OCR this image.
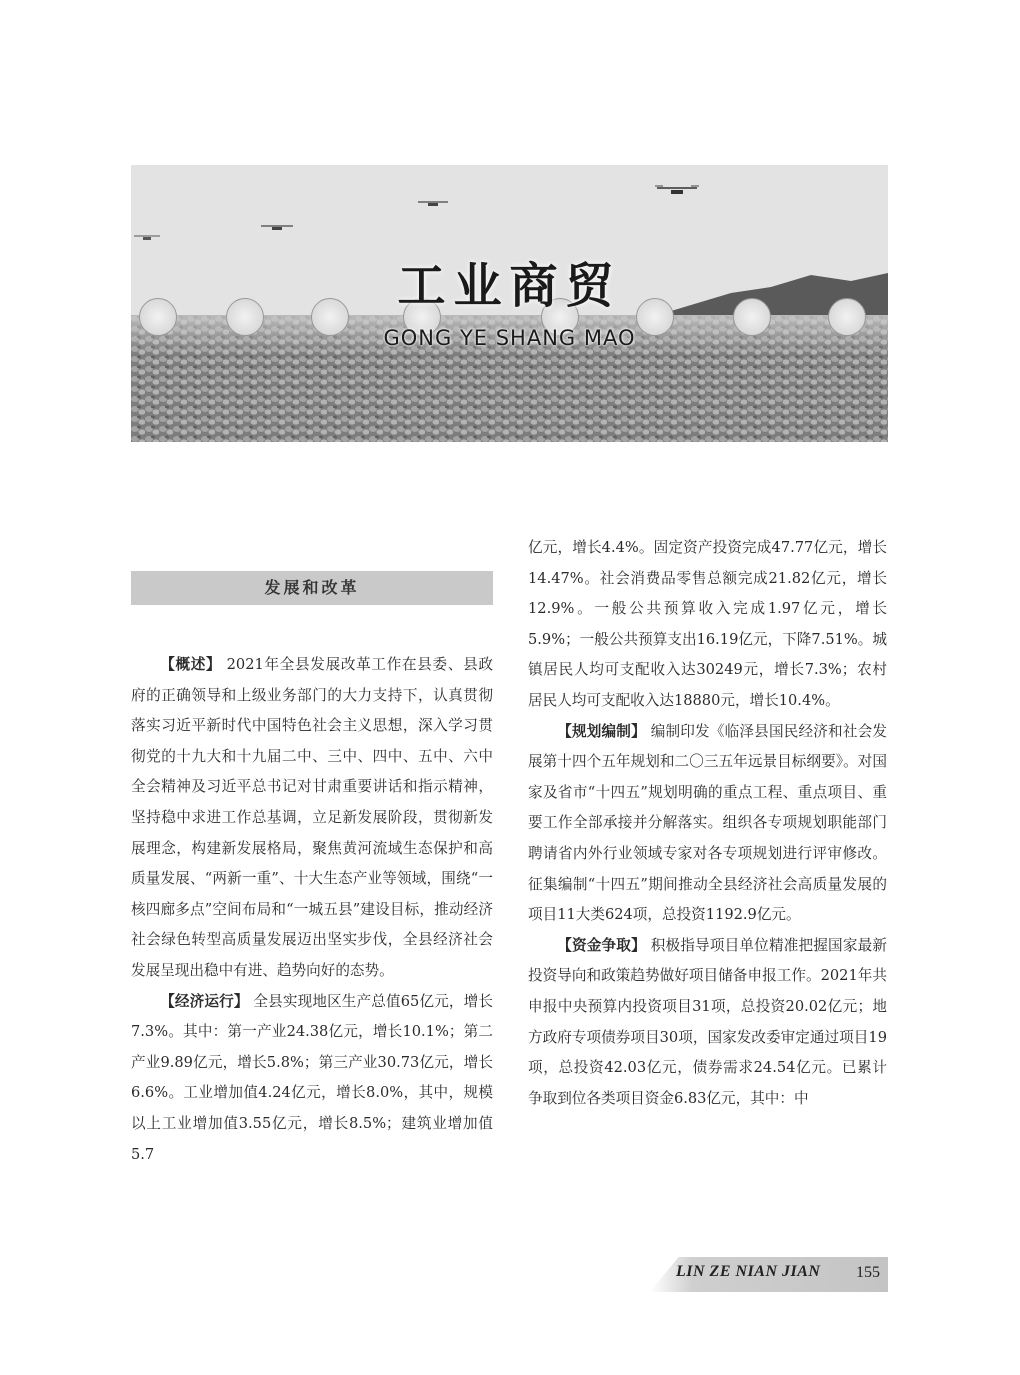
工业商贸
GONG YE SHANG MAO
发展和改革

【概述】 2021年全县发展改革工作在县委、县政府的正确领导和上级业务部门的大力支持下，认真贯彻落实习近平新时代中国特色社会主义思想，深入学习贯彻党的十九大和十九届二中、三中、四中、五中、六中全会精神及习近平总书记对甘肃重要讲话和指示精神，坚持稳中求进工作总基调，立足新发展阶段，贯彻新发展理念，构建新发展格局，聚焦黄河流域生态保护和高质量发展、“两新一重”、十大生态产业等领域，围绕“一核四廊多点”空间布局和“一城五县”建设目标，推动经济社会绿色转型高质量发展迈出坚实步伐，全县经济社会发展呈现出稳中有进、趋势向好的态势。

【经济运行】 全县实现地区生产总值65亿元，增长7.3%。其中：第一产业24.38亿元，增长10.1%；第二产业9.89亿元，增长5.8%；第三产业30.73亿元，增长6.6%。工业增加值4.24亿元，增长8.0%，其中，规模以上工业增加值3.55亿元，增长8.5%；建筑业增加值5.7

亿元，增长4.4%。固定资产投资完成47.77亿元，增长14.47%。社会消费品零售总额完成21.82亿元，增长12.9%。一般公共预算收入完成1.97亿元，增长5.9%；一般公共预算支出16.19亿元，下降7.51%。城镇居民人均可支配收入达30249元，增长7.3%；农村居民人均可支配收入达18880元，增长10.4%。

【规划编制】 编制印发《临泽县国民经济和社会发展第十四个五年规划和二〇三五年远景目标纲要》。对国家及省市“十四五”规划明确的重点工程、重点项目、重要工作全部承接并分解落实。组织各专项规划职能部门聘请省内外行业领域专家对各专项规划进行评审修改。征集编制“十四五”期间推动全县经济社会高质量发展的项目11大类624项，总投资1192.9亿元。

【资金争取】 积极指导项目单位精准把握国家最新投资导向和政策趋势做好项目储备申报工作。2021年共申报中央预算内投资项目31项，总投资20.02亿元；地方政府专项债券项目30项，国家发改委审定通过项目19项，总投资42.03亿元，债券需求24.54亿元。已累计争取到位各类项目资金6.83亿元，其中：中

LIN ZE NIAN JIAN 155
